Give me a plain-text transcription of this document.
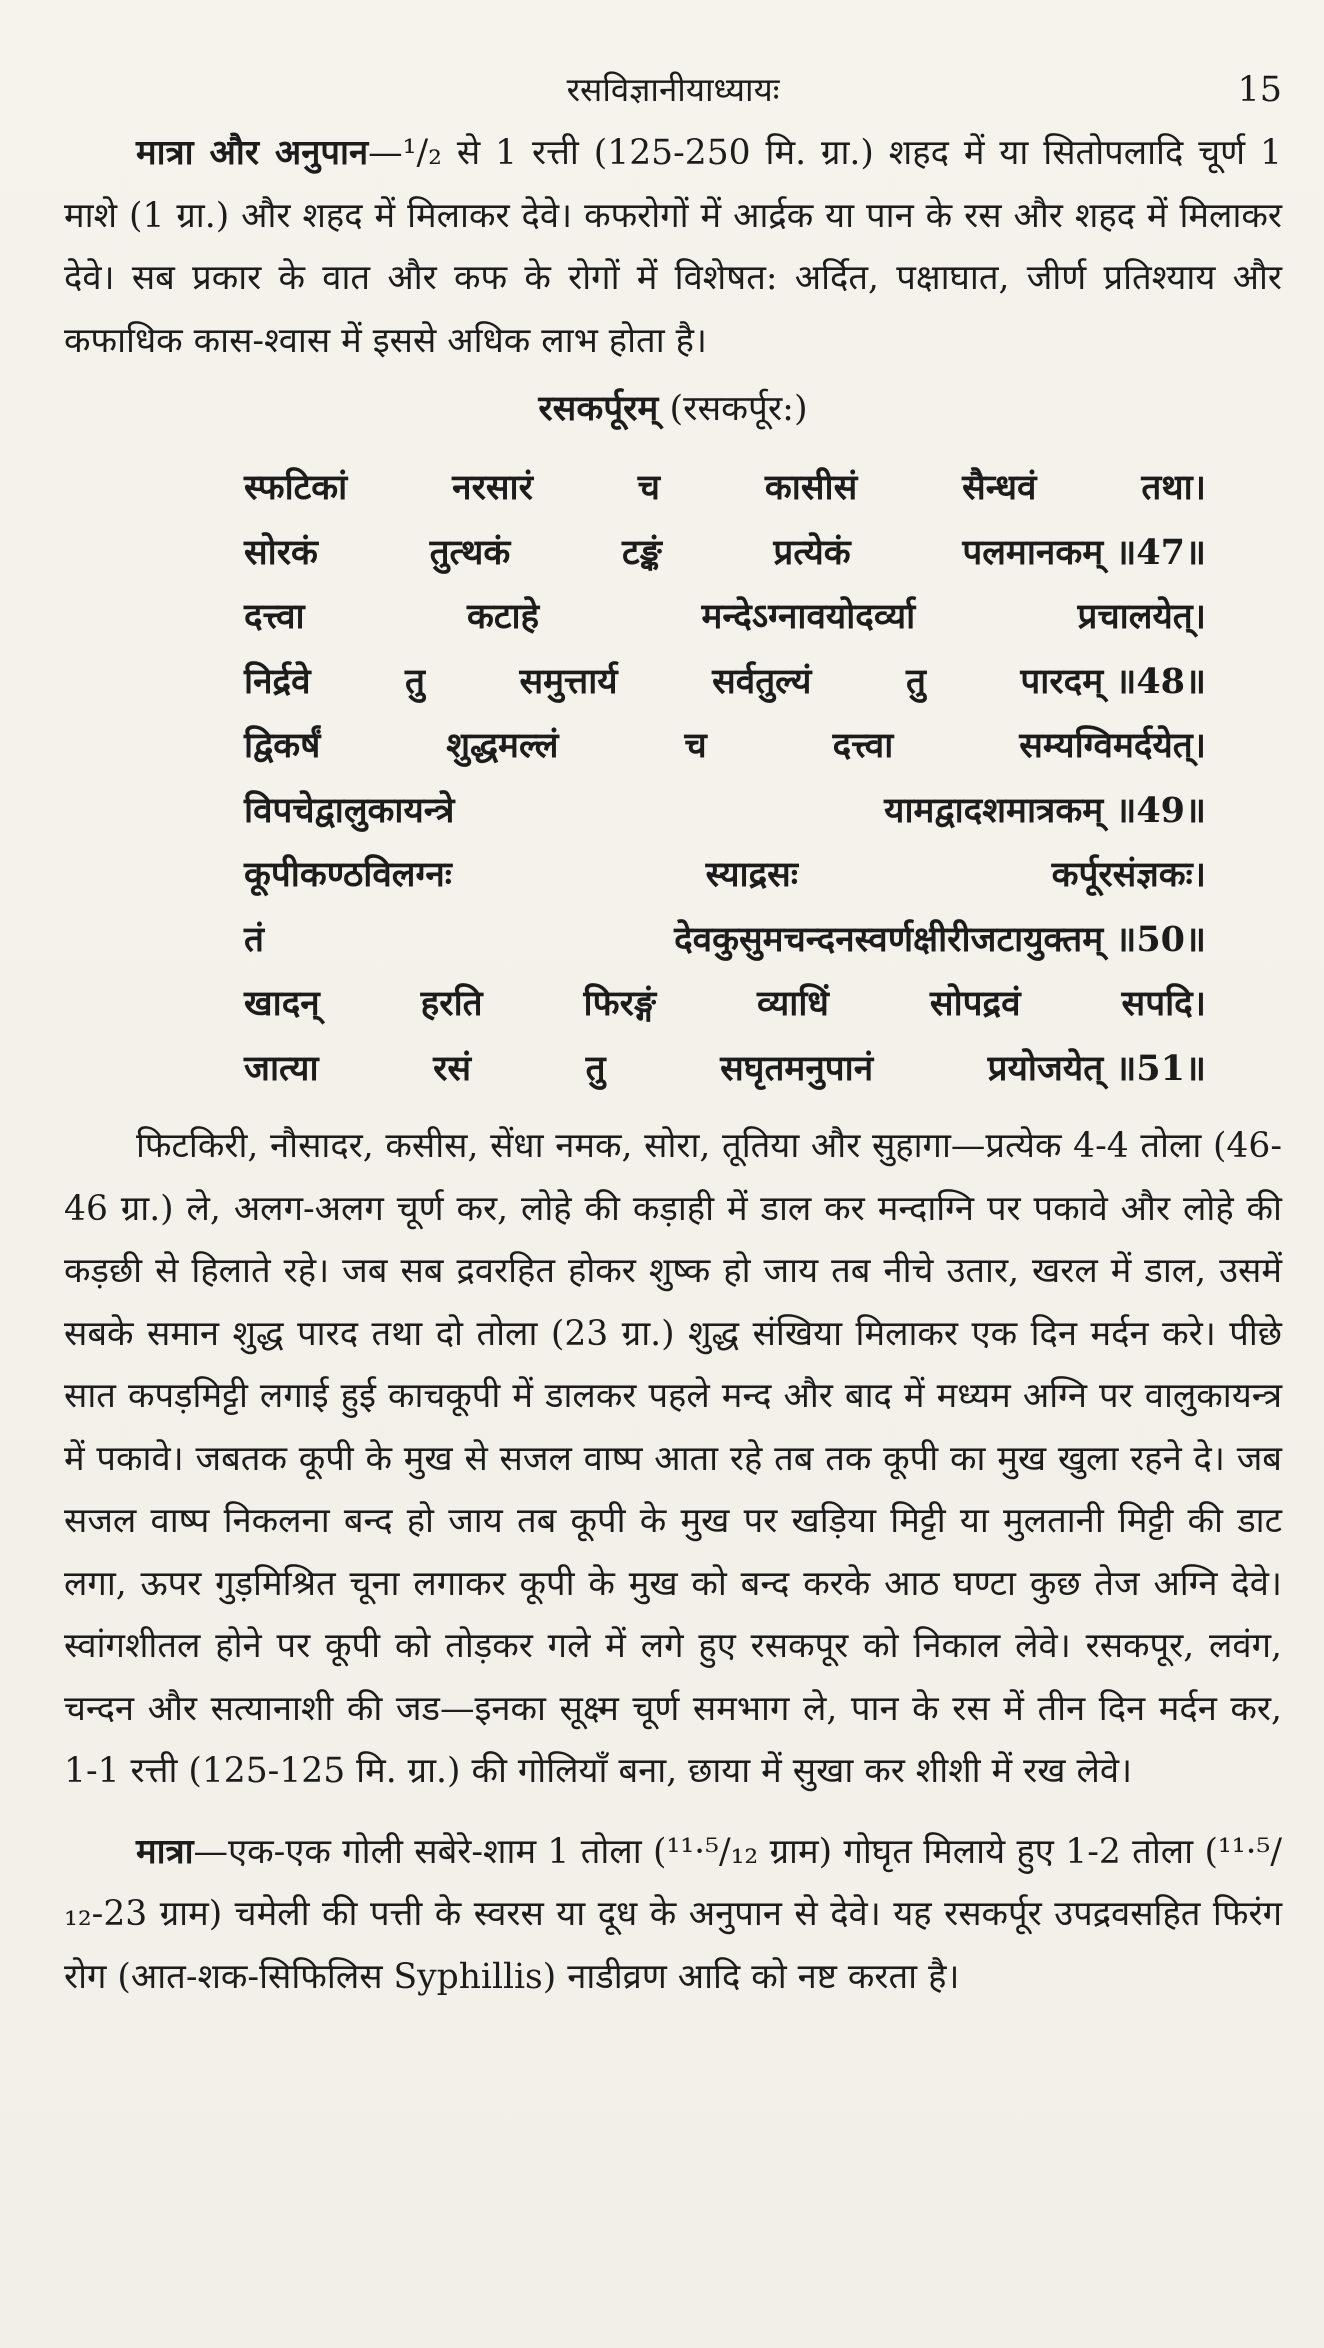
रसविज्ञानीयाध्यायः	15

मात्रा और अनुपान—¹/₂ से 1 रत्ती (125-250 मि. ग्रा.) शहद में या सितोपलादि चूर्ण 1 माशे (1 ग्रा.) और शहद में मिलाकर देवे। कफरोगों में आर्द्रक या पान के रस और शहद में मिलाकर देवे। सब प्रकार के वात और कफ के रोगों में विशेषत: अर्दित, पक्षाघात, जीर्ण प्रतिश्याय और कफाधिक कास-श्वास में इससे अधिक लाभ होता है।

रसकर्पूरम् (रसकर्पूर:)
स्फटिकां	नरसारं	च	कासीसं	सैन्धवं	तथा।
सोरकं	तुत्थकं	टङ्कं	प्रत्येकं	पलमानकम् ॥47॥
दत्त्वा	कटाहे	मन्देऽग्नावयोदर्व्या	प्रचालयेत्।
निर्द्रवे	तु	समुत्तार्य	सर्वतुल्यं	तु	पारदम् ॥48॥
द्विकर्षं	शुद्धमल्लं	च	दत्त्वा	सम्यग्विमर्दयेत्।
विपचेद्वालुकायन्त्रे	यामद्वादशमात्रकम् ॥49॥
कूपीकण्ठविलग्नः	स्याद्रसः	कर्पूरसंज्ञकः।
तं	देवकुसुमचन्दनस्वर्णक्षीरीजटायुक्तम् ॥50॥
खादन्	हरति	फिरङ्गं	व्याधिं	सोपद्रवं	सपदि।
जात्या	रसं	तु	सघृतमनुपानं	प्रयोजयेत् ॥51॥

फिटकिरी, नौसादर, कसीस, सेंधा नमक, सोरा, तूतिया और सुहागा—प्रत्येक 4-4 तोला (46-46 ग्रा.) ले, अलग-अलग चूर्ण कर, लोहे की कड़ाही में डाल कर मन्दाग्नि पर पकावे और लोहे की कड़छी से हिलाते रहे। जब सब द्रवरहित होकर शुष्क हो जाय तब नीचे उतार, खरल में डाल, उसमें सबके समान शुद्ध पारद तथा दो तोला (23 ग्रा.) शुद्ध संखिया मिलाकर एक दिन मर्दन करे। पीछे सात कपड़मिट्टी लगाई हुई काचकूपी में डालकर पहले मन्द और बाद में मध्यम अग्नि पर वालुकायन्त्र में पकावे। जबतक कूपी के मुख से सजल वाष्प आता रहे तब तक कूपी का मुख खुला रहने दे। जब सजल वाष्प निकलना बन्द हो जाय तब कूपी के मुख पर खड़िया मिट्टी या मुलतानी मिट्टी की डाट लगा, ऊपर गुड़मिश्रित चूना लगाकर कूपी के मुख को बन्द करके आठ घण्टा कुछ तेज अग्नि देवे। स्वांगशीतल होने पर कूपी को तोड़कर गले में लगे हुए रसकपूर को निकाल लेवे। रसकपूर, लवंग, चन्दन और सत्यानाशी की जड—इनका सूक्ष्म चूर्ण समभाग ले, पान के रस में तीन दिन मर्दन कर, 1-1 रत्ती (125-125 मि. ग्रा.) की गोलियाँ बना, छाया में सुखा कर शीशी में रख लेवे।

मात्रा—एक-एक गोली सबेरे-शाम 1 तोला (¹¹·⁵/₁₂ ग्राम) गोघृत मिलाये हुए 1-2 तोला (¹¹·⁵/₁₂-23 ग्राम) चमेली की पत्ती के स्वरस या दूध के अनुपान से देवे। यह रसकर्पूर उपद्रवसहित फिरंग रोग (आत-शक-सिफिलिस Syphillis) नाडीव्रण आदि को नष्ट करता है।
